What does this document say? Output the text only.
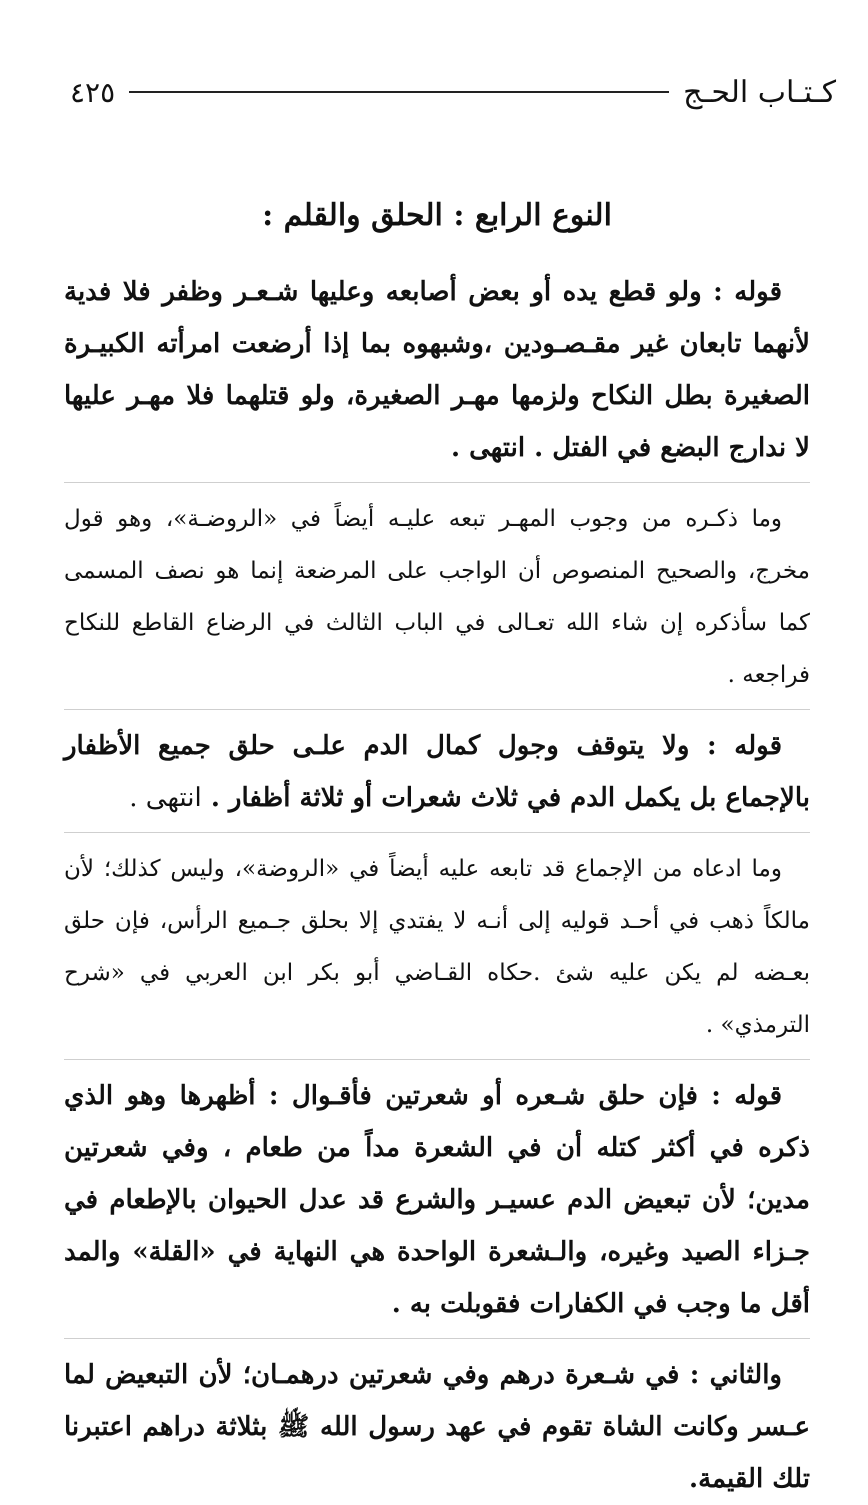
كـتـاب الحـج
٤٢٥
النوع الرابع : الحلق والقلم :

قوله : ولو قطع يده أو بعض أصابعه وعليها شـعـر وظفر فلا فدية لأنهما تابعان غير مقـصـودين ،وشبهوه بما إذا أرضعت امرأته الكبيـرة الصغيرة بطل النكاح ولزمها مهـر الصغيرة، ولو قتلهما فلا مهـر عليها لا ندارج البضع في الفتل . انتهى .

وما ذكـره من وجوب المهـر تبعه عليـه أيضاً في «الروضـة»، وهو قول مخرج، والصحيح المنصوص أن الواجب على المرضعة إنما هو نصف المسمى كما سأذكره إن شاء الله تعـالى في الباب الثالث في الرضاع القاطع للنكاح فراجعه .

قوله : ولا يتوقف وجول كمال الدم علـى حلق جميع الأظفار بالإجماع بل يكمل الدم في ثلاث شعرات أو ثلاثة أظفار . انتهى .

وما ادعاه من الإجماع قد تابعه عليه أيضاً في «الروضة»، وليس كذلك؛ لأن مالكاً ذهب في أحـد قوليه إلى أنـه لا يفتدي إلا بحلق جـميع الرأس، فإن حلق بعـضه لم يكن عليه شئ .حكاه القـاضي أبو بكر ابن العربي في «شرح الترمذي» .

قوله : فإن حلق شـعره أو شعرتين فأقـوال : أظهرها وهو الذي ذكره في أكثر كتله أن في الشعرة مداً من طعام ، وفي شعرتين مدين؛ لأن تبعيض الدم عسيـر والشرع قد عدل الحيوان بالإطعام في جـزاء الصيد وغيره، والـشعرة الواحدة هي النهاية في «القلة» والمد أقل ما وجب في الكفارات فقوبلت به .

والثاني : في شـعرة درهم وفي شعرتين درهمـان؛ لأن التبعيض لما عـسر وكانت الشاة تقوم في عهد رسول الله ﷺ بثلاثة دراهم اعتبرنا تلك القيمة.
